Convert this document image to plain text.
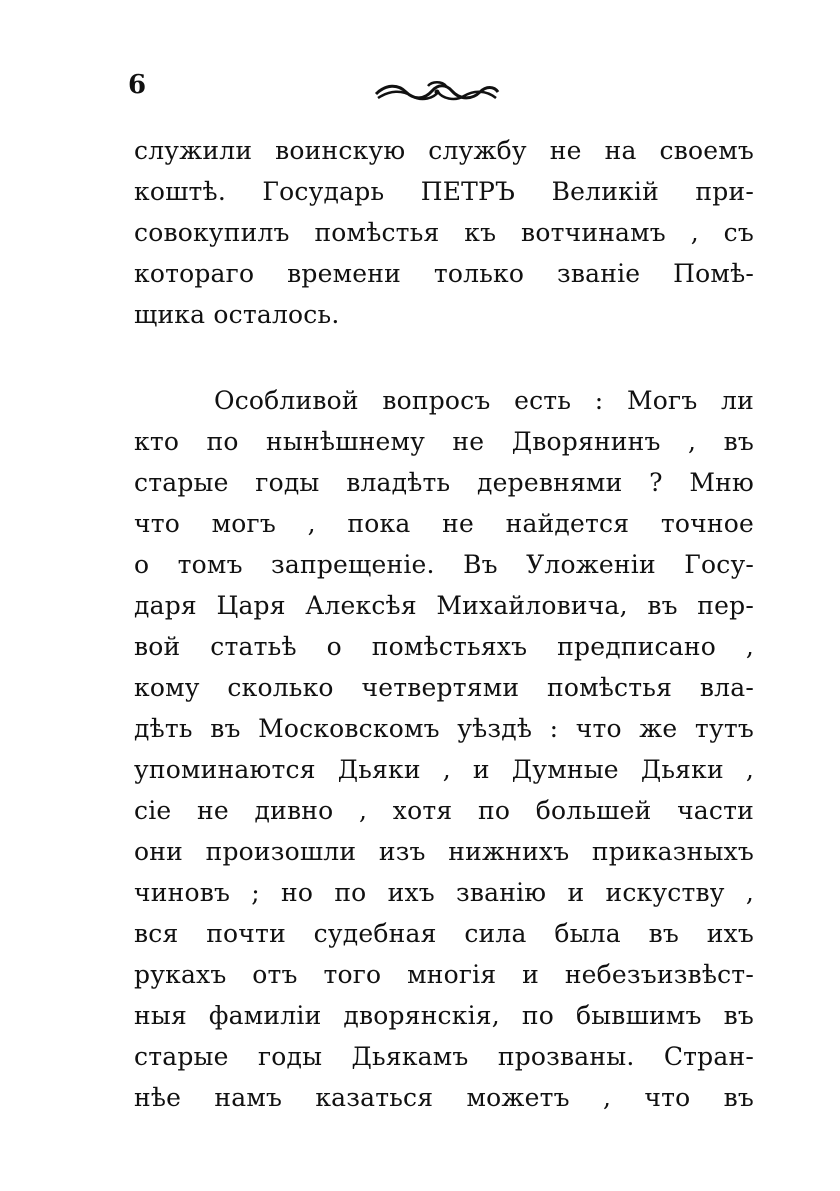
6
служили воинскую службу не на своемъ
коштѣ. Государь ПЕТРЪ Великій при-
совокупилъ помѣстья къ вотчинамъ , съ
котораго времени только званіе Помѣ-
щика осталось.
Особливой вопросъ есть : Могъ ли
кто по нынѣшнему не Дворянинъ , въ
старые годы владѣть деревнями ? Мню
что могъ , пока не найдется точное
о томъ запрещеніе. Въ Уложеніи Госу-
даря Царя Алексѣя Михайловича, въ пер-
вой статьѣ о помѣстьяхъ предписано ,
кому сколько четвертями помѣстья вла-
дѣть въ Московскомъ уѣздѣ : что же тутъ
упоминаются Дьяки , и Думные Дьяки ,
сіе не дивно , хотя по большей части
они произошли изъ нижнихъ приказныхъ
чиновъ ; но по ихъ званію и искуству ,
вся почти судебная сила была въ ихъ
рукахъ отъ того многія и небезъизвѣст-
ныя фамиліи дворянскія, по бывшимъ въ
старые годы Дьякамъ прозваны. Стран-
нѣе намъ казаться можетъ , что въ
